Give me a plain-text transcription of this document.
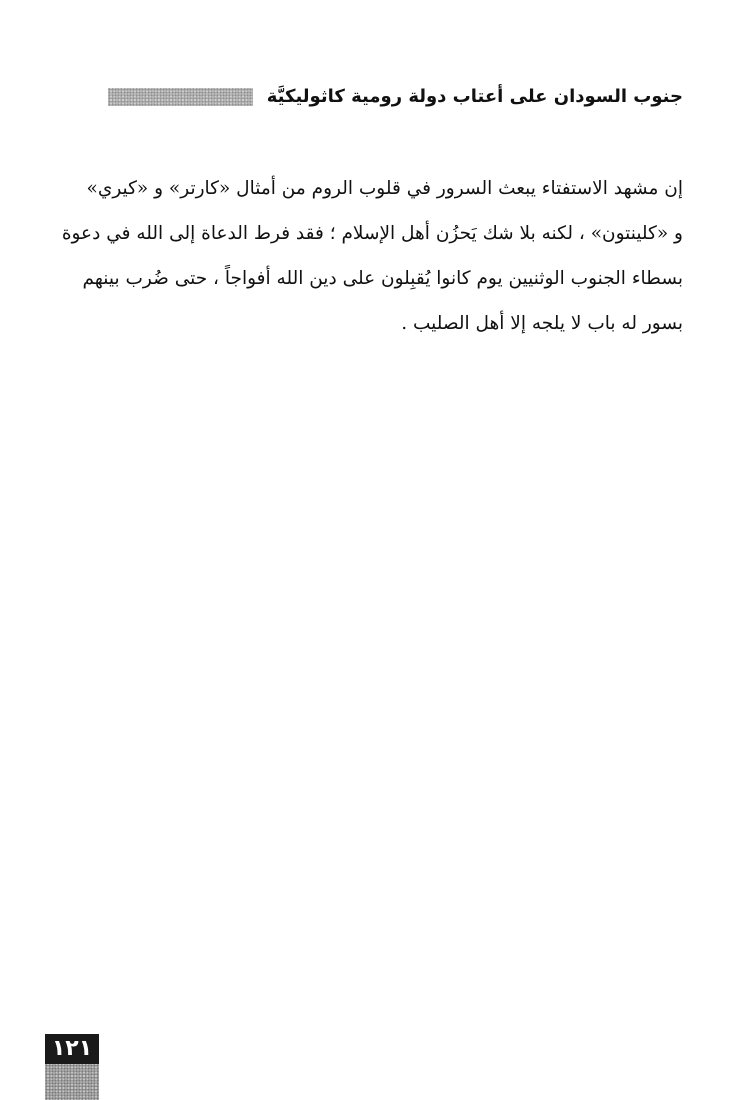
جنوب السودان على أعتاب دولة رومية كاثوليكيَّة
إن مشهد الاستفتاء يبعث السرور في قلوب الروم من أمثال «كارتر» و «كيري»
و «كلينتون» ، لكنه بلا شك يَحزُن أهل الإسلام ؛ فقد فرط الدعاة إلى الله في دعوة
بسطاء الجنوب الوثنيين يوم كانوا يُقبِلون على دين الله أفواجاً ، حتى ضُرب بينهم
بسور له باب لا يلجه إلا أهل الصليب .
١٢١
